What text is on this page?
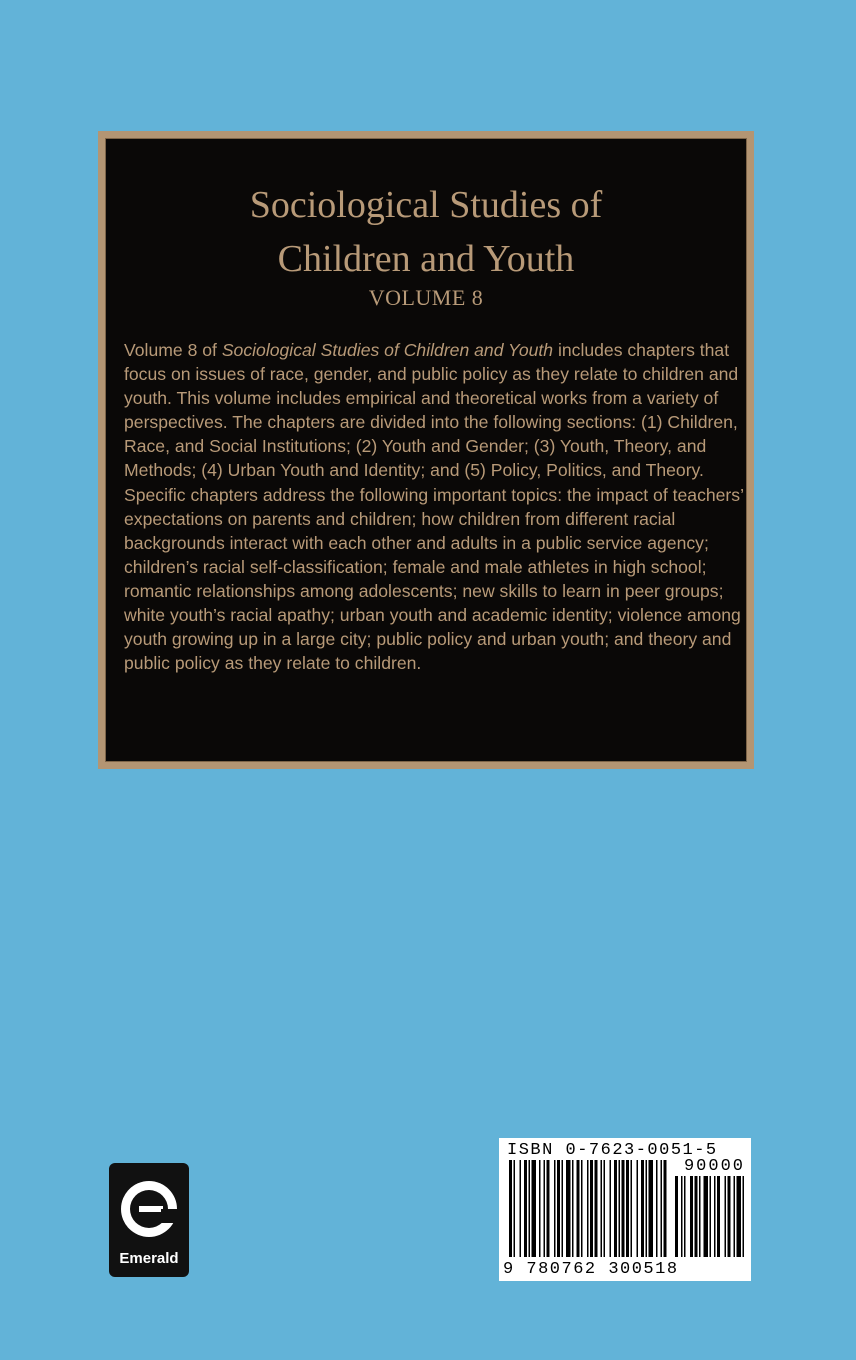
Sociological Studies of
Children and Youth
VOLUME 8
Volume 8 of Sociological Studies of Children and Youth includes chapters that focus on issues of race, gender, and public policy as they relate to children and youth. This volume includes empirical and theoretical works from a variety of perspectives. The chapters are divided into the following sections: (1) Children, Race, and Social Institutions; (2) Youth and Gender; (3) Youth, Theory, and Methods; (4) Urban Youth and Identity; and (5) Policy, Politics, and Theory. Specific chapters address the following important topics: the impact of teachers’ expectations on parents and children; how children from different racial backgrounds interact with each other and adults in a public service agency; children’s racial self-classification; female and male athletes in high school; romantic relationships among adolescents; new skills to learn in peer groups; white youth’s racial apathy; urban youth and academic identity; violence among youth growing up in a large city; public policy and urban youth; and theory and public policy as they relate to children.
Emerald
ISBN 0-7623-0051-5
90000
9 780762 300518
